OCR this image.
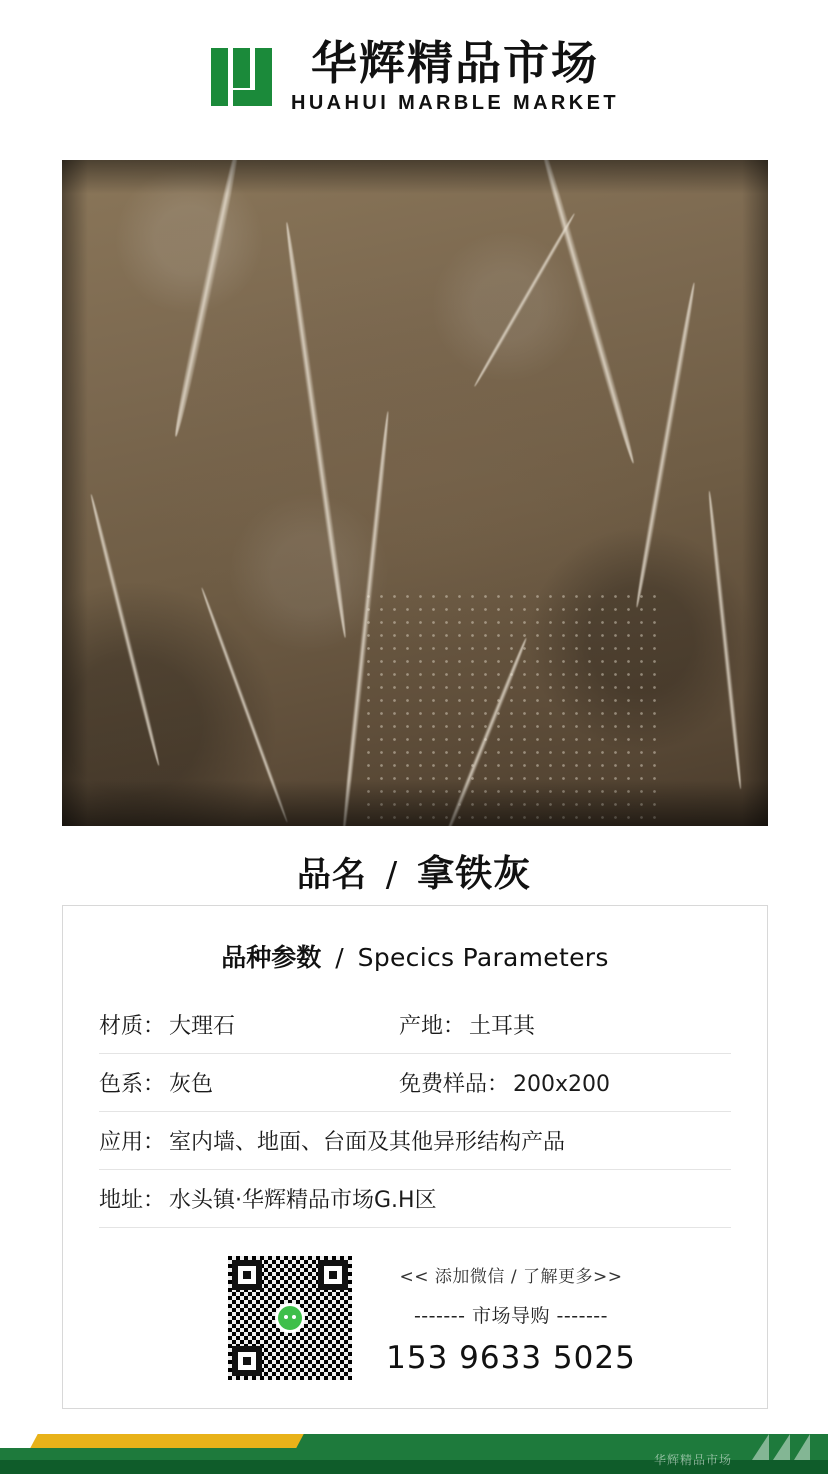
华辉精品市场
HUAHUI MARBLE MARKET
品名 / 拿铁灰
品种参数 / Specics Parameters
材质： 大理石	产地： 土耳其
色系： 灰色	免费样品： 200x200
应用： 室内墙、地面、台面及其他异形结构产品
地址： 水头镇·华辉精品市场G.H区
<< 添加微信 / 了解更多>>
------- 市场导购 -------
153 9633 5025
华辉精品市场
